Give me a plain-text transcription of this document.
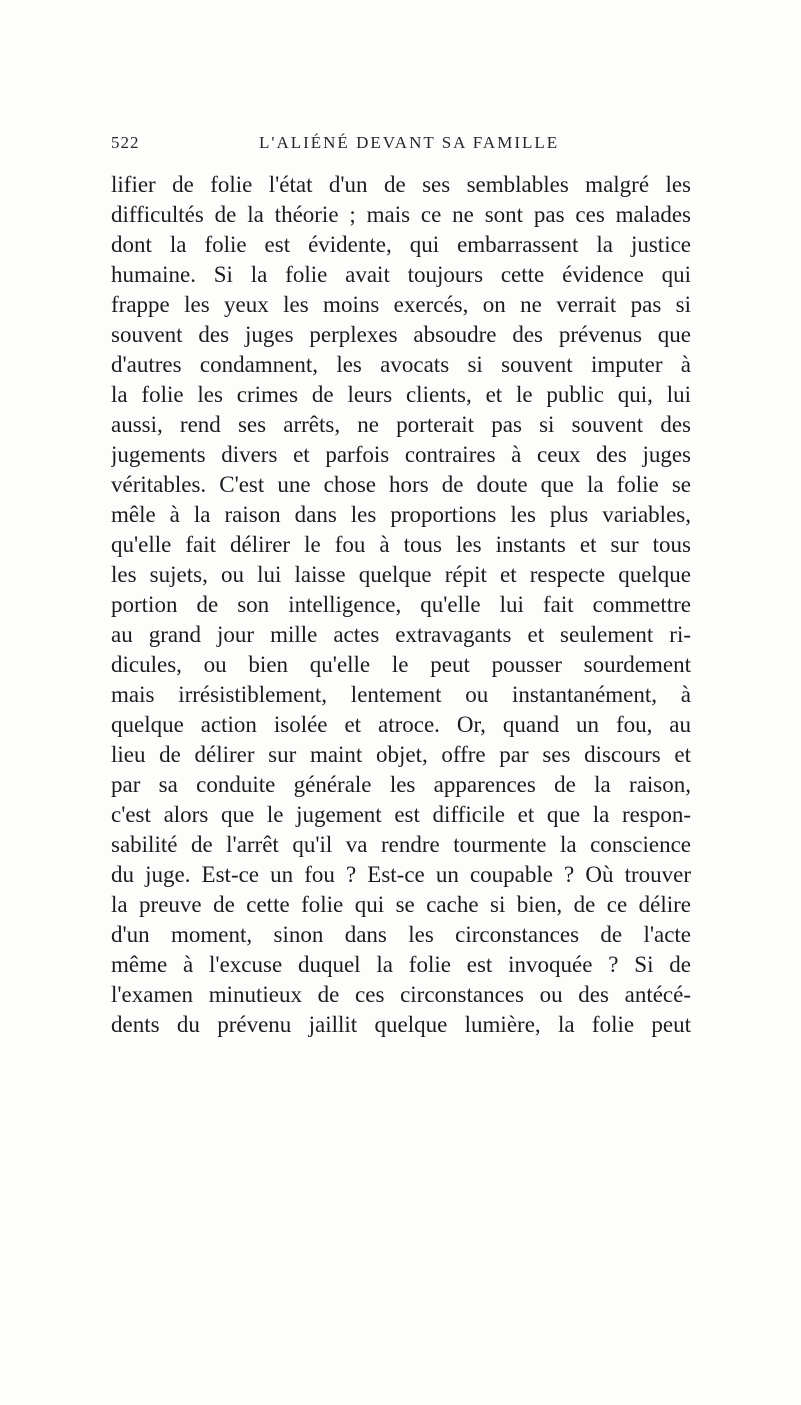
522	L'ALIÉNÉ DEVANT SA FAMILLE
lifier de folie l'état d'un de ses semblables malgré les
difficultés de la théorie ; mais ce ne sont pas ces malades
dont la folie est évidente, qui embarrassent la justice
humaine. Si la folie avait toujours cette évidence qui
frappe les yeux les moins exercés, on ne verrait pas si
souvent des juges perplexes absoudre des prévenus que
d'autres condamnent, les avocats si souvent imputer à
la folie les crimes de leurs clients, et le public qui, lui
aussi, rend ses arrêts, ne porterait pas si souvent des
jugements divers et parfois contraires à ceux des juges
véritables. C'est une chose hors de doute que la folie se
mêle à la raison dans les proportions les plus variables,
qu'elle fait délirer le fou à tous les instants et sur tous
les sujets, ou lui laisse quelque répit et respecte quelque
portion de son intelligence, qu'elle lui fait commettre
au grand jour mille actes extravagants et seulement ri-
dicules, ou bien qu'elle le peut pousser sourdement
mais irrésistiblement, lentement ou instantanément, à
quelque action isolée et atroce. Or, quand un fou, au
lieu de délirer sur maint objet, offre par ses discours et
par sa conduite générale les apparences de la raison,
c'est alors que le jugement est difficile et que la respon-
sabilité de l'arrêt qu'il va rendre tourmente la conscience
du juge. Est-ce un fou ? Est-ce un coupable ? Où trouver
la preuve de cette folie qui se cache si bien, de ce délire
d'un moment, sinon dans les circonstances de l'acte
même à l'excuse duquel la folie est invoquée ? Si de
l'examen minutieux de ces circonstances ou des antécé-
dents du prévenu jaillit quelque lumière, la folie peut
